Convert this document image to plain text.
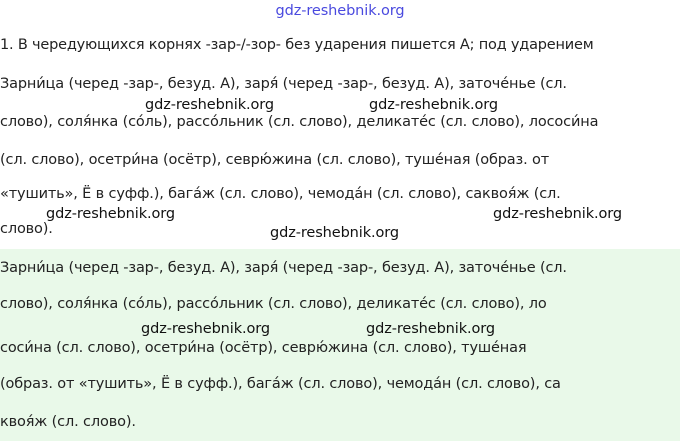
gdz-reshebnik.org
1. В чередующихся корнях -зар-/-зор- без ударения пишется А; под ударением
Зарни́ца (черед -зар-, безуд. А), заря́ (черед -зар-, безуд. А), заточе́нье (сл.
слово), соля́нка (со́ль), рассо́льник (сл. слово), деликате́с (сл. слово), лососи́на
(сл. слово), осетри́на (осётр), севрю́жина (сл. слово), туше́ная (образ. от
«тушить», Ё в суфф.), бага́ж (сл. слово), чемода́н (сл. слово), саквоя́ж (сл.
слово).
Зарни́ца (черед -зар-, безуд. А), заря́ (черед -зар-, безуд. А), заточе́нье (сл.
слово), соля́нка (со́ль), рассо́льник (сл. слово), деликате́с (сл. слово), ло
соси́на (сл. слово), осетри́на (осётр), севрю́жина (сл. слово), туше́ная
(образ. от «тушить», Ё в суфф.), бага́ж (сл. слово), чемода́н (сл. слово), са
квоя́ж (сл. слово).
gdz-reshebnik.org	gdz-reshebnik.org
gdz-reshebnik.org	gdz-reshebnik.org
gdz-reshebnik.org
gdz-reshebnik.org	gdz-reshebnik.org
